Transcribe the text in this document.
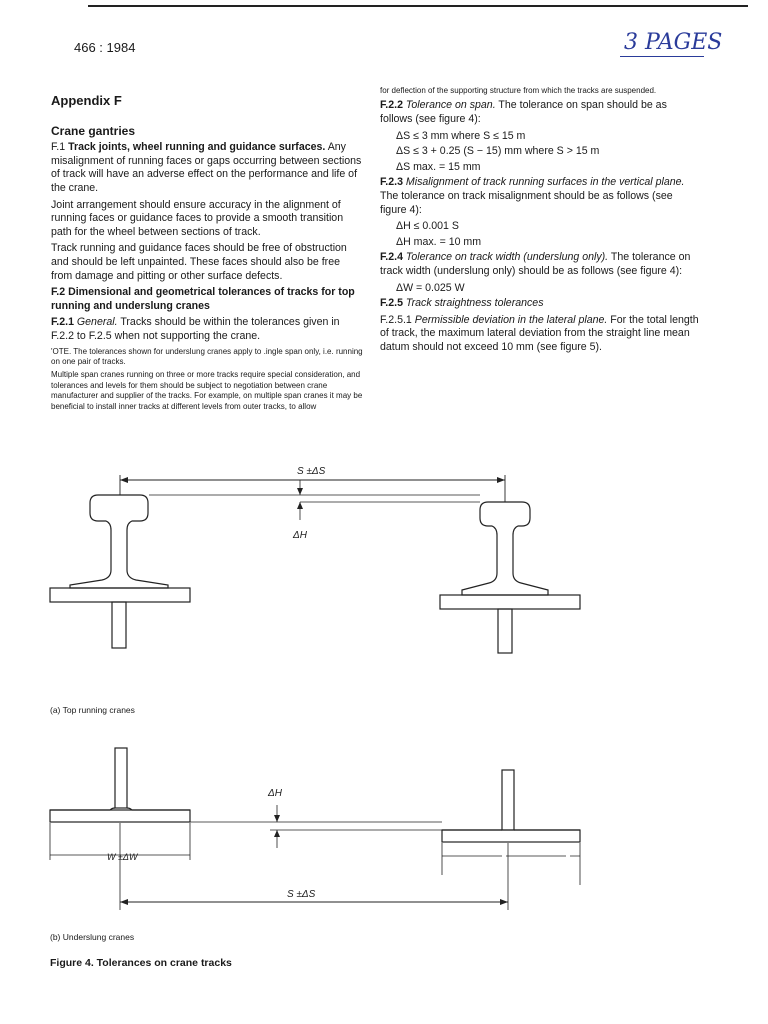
466 : 1984	3 PAGES

Appendix F

Crane gantries

F.1 Track joints, wheel running and guidance surfaces. Any misalignment of running faces or gaps occurring between sections of track will have an adverse effect on the performance and life of the crane.

Joint arrangement should ensure accuracy in the alignment of running faces or guidance faces to provide a smooth transition path for the wheel between sections of track.

Track running and guidance faces should be free of obstruction and should be left unpainted. These faces should also be free from damage and pitting or other surface defects.

F.2 Dimensional and geometrical tolerances of tracks for top running and underslung cranes

F.2.1 General. Tracks should be within the tolerances given in F.2.2 to F.2.5 when not supporting the crane.

'OTE. The tolerances shown for underslung cranes apply to .ingle span only, i.e. running on one pair of tracks.

Multiple span cranes running on three or more tracks require special consideration, and tolerances and levels for them should be subject to negotiation between crane manufacturer and supplier of the tracks. For example, on multiple span cranes it may be beneficial to install inner tracks at different levels from outer tracks, to allow

for deflection of the supporting structure from which the tracks are suspended.

F.2.2 Tolerance on span. The tolerance on span should be as follows (see figure 4):

ΔS ≤ 3 mm where S ≤ 15 m

ΔS ≤ 3 + 0.25 (S − 15) mm where S > 15 m

ΔS max. = 15 mm

F.2.3 Misalignment of track running surfaces in the vertical plane. The tolerance on track misalignment should be as follows (see figure 4):

ΔH ≤ 0.001 S

ΔH max. = 10 mm

F.2.4 Tolerance on track width (underslung only). The tolerance on track width (underslung only) should be as follows (see figure 4):

ΔW = 0.025 W

F.2.5 Track straightness tolerances

F.2.5.1 Permissible deviation in the lateral plane. For the total length of track, the maximum lateral deviation from the straight line mean datum should not exceed 10 mm (see figure 5).

S ±ΔS
ΔH
ΔH
W ±ΔW
S ±ΔS
(a) Top running cranes
(b) Underslung cranes
Figure 4. Tolerances on crane tracks
